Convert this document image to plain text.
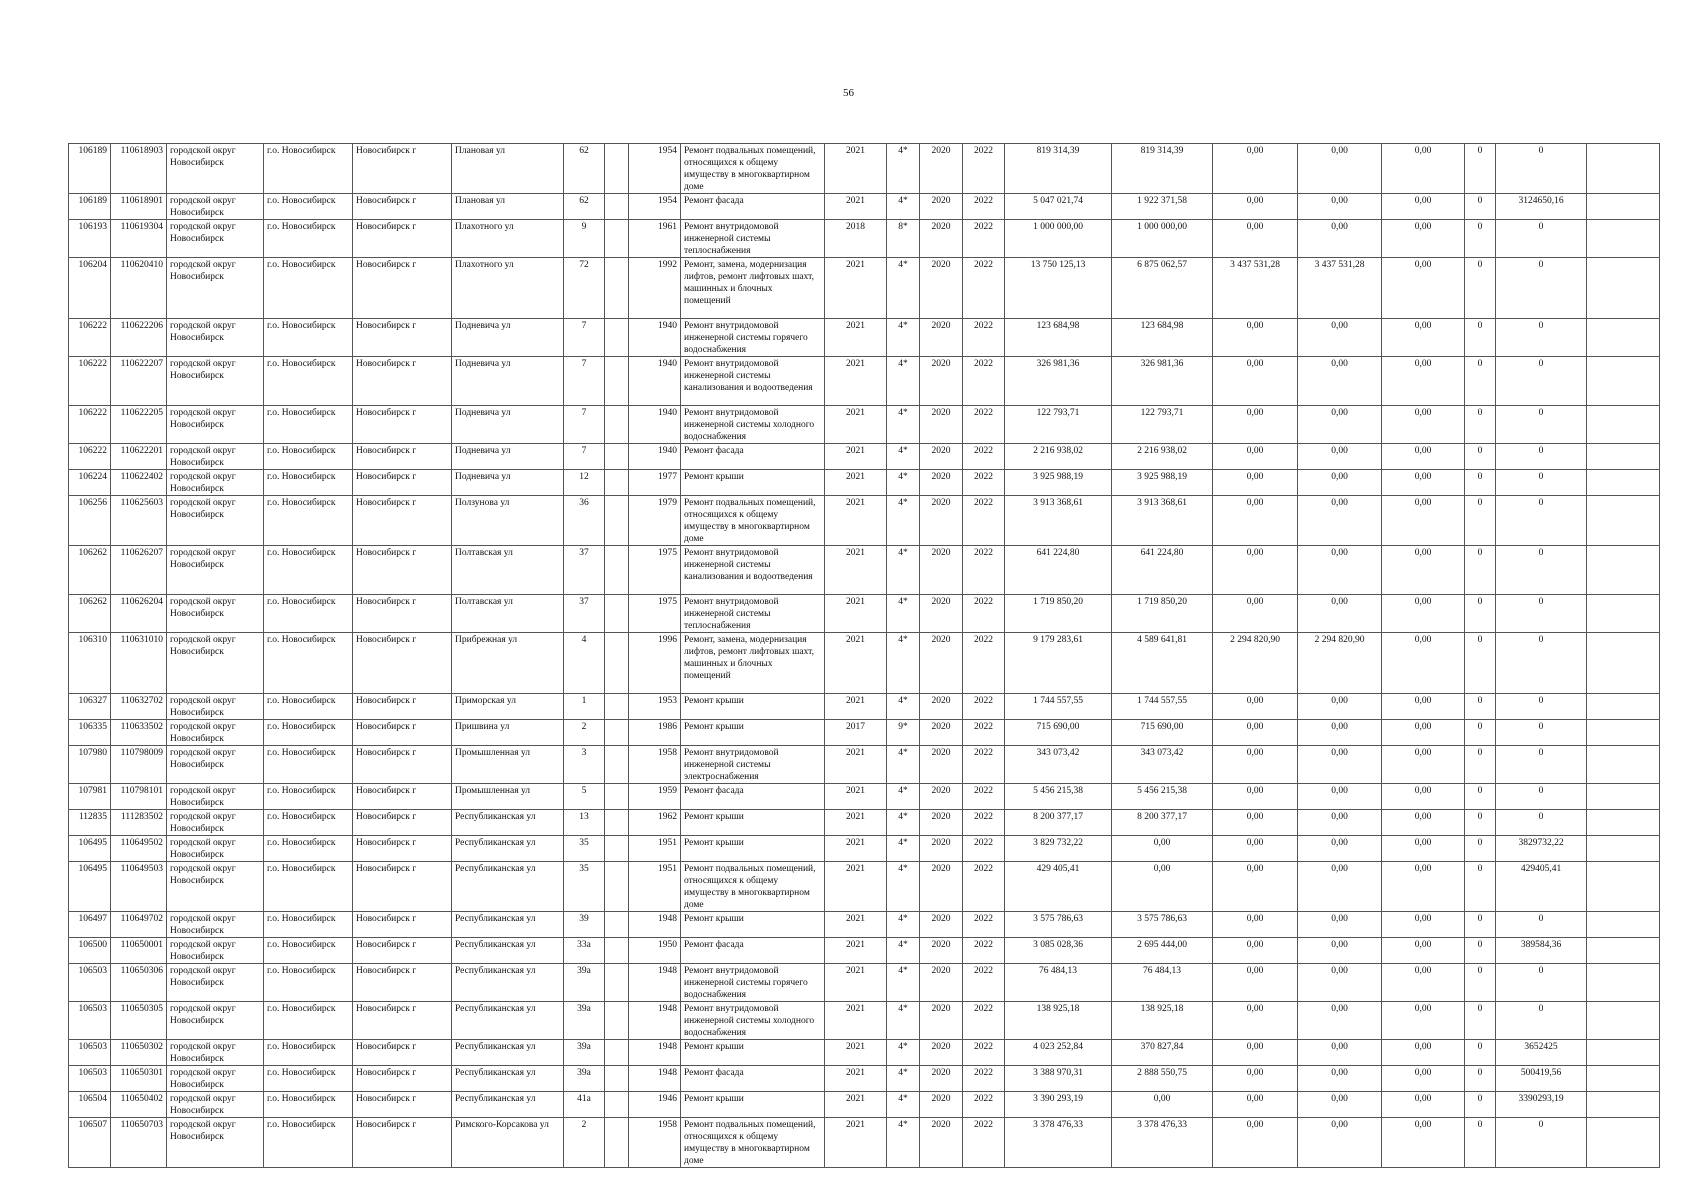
56
106189	110618903	городской округ Новосибирск	г.о. Новосибирск	Новосибирск г	Плановая ул	62		1954	Ремонт подвальных помещений, относящихся к общему имуществу в многоквартирном доме	2021	4*	2020	2022	819 314,39	819 314,39	0,00	0,00	0,00	0	0	
106189	110618901	городской округ Новосибирск	г.о. Новосибирск	Новосибирск г	Плановая ул	62		1954	Ремонт фасада	2021	4*	2020	2022	5 047 021,74	1 922 371,58	0,00	0,00	0,00	0	3124650,16	
106193	110619304	городской округ Новосибирск	г.о. Новосибирск	Новосибирск г	Плахотного ул	9		1961	Ремонт внутридомовой инженерной системы теплоснабжения	2018	8*	2020	2022	1 000 000,00	1 000 000,00	0,00	0,00	0,00	0	0	
106204	110620410	городской округ Новосибирск	г.о. Новосибирск	Новосибирск г	Плахотного ул	72		1992	Ремонт, замена, модернизация лифтов, ремонт лифтовых шахт, машинных и блочных помещений	2021	4*	2020	2022	13 750 125,13	6 875 062,57	3 437 531,28	3 437 531,28	0,00	0	0	
106222	110622206	городской округ Новосибирск	г.о. Новосибирск	Новосибирск г	Подневича ул	7		1940	Ремонт внутридомовой инженерной системы горячего водоснабжения	2021	4*	2020	2022	123 684,98	123 684,98	0,00	0,00	0,00	0	0	
106222	110622207	городской округ Новосибирск	г.о. Новосибирск	Новосибирск г	Подневича ул	7		1940	Ремонт внутридомовой инженерной системы канализования и водоотведения	2021	4*	2020	2022	326 981,36	326 981,36	0,00	0,00	0,00	0	0	
106222	110622205	городской округ Новосибирск	г.о. Новосибирск	Новосибирск г	Подневича ул	7		1940	Ремонт внутридомовой инженерной системы холодного водоснабжения	2021	4*	2020	2022	122 793,71	122 793,71	0,00	0,00	0,00	0	0	
106222	110622201	городской округ Новосибирск	г.о. Новосибирск	Новосибирск г	Подневича ул	7		1940	Ремонт фасада	2021	4*	2020	2022	2 216 938,02	2 216 938,02	0,00	0,00	0,00	0	0	
106224	110622402	городской округ Новосибирск	г.о. Новосибирск	Новосибирск г	Подневича ул	12		1977	Ремонт крыши	2021	4*	2020	2022	3 925 988,19	3 925 988,19	0,00	0,00	0,00	0	0	
106256	110625603	городской округ Новосибирск	г.о. Новосибирск	Новосибирск г	Ползунова ул	36		1979	Ремонт подвальных помещений, относящихся к общему имуществу в многоквартирном доме	2021	4*	2020	2022	3 913 368,61	3 913 368,61	0,00	0,00	0,00	0	0	
106262	110626207	городской округ Новосибирск	г.о. Новосибирск	Новосибирск г	Полтавская ул	37		1975	Ремонт внутридомовой инженерной системы канализования и водоотведения	2021	4*	2020	2022	641 224,80	641 224,80	0,00	0,00	0,00	0	0	
106262	110626204	городской округ Новосибирск	г.о. Новосибирск	Новосибирск г	Полтавская ул	37		1975	Ремонт внутридомовой инженерной системы теплоснабжения	2021	4*	2020	2022	1 719 850,20	1 719 850,20	0,00	0,00	0,00	0	0	
106310	110631010	городской округ Новосибирск	г.о. Новосибирск	Новосибирск г	Прибрежная ул	4		1996	Ремонт, замена, модернизация лифтов, ремонт лифтовых шахт, машинных и блочных помещений	2021	4*	2020	2022	9 179 283,61	4 589 641,81	2 294 820,90	2 294 820,90	0,00	0	0	
106327	110632702	городской округ Новосибирск	г.о. Новосибирск	Новосибирск г	Приморская ул	1		1953	Ремонт крыши	2021	4*	2020	2022	1 744 557,55	1 744 557,55	0,00	0,00	0,00	0	0	
106335	110633502	городской округ Новосибирск	г.о. Новосибирск	Новосибирск г	Пришвина ул	2		1986	Ремонт крыши	2017	9*	2020	2022	715 690,00	715 690,00	0,00	0,00	0,00	0	0	
107980	110798009	городской округ Новосибирск	г.о. Новосибирск	Новосибирск г	Промышленная ул	3		1958	Ремонт внутридомовой инженерной системы электроснабжения	2021	4*	2020	2022	343 073,42	343 073,42	0,00	0,00	0,00	0	0	
107981	110798101	городской округ Новосибирск	г.о. Новосибирск	Новосибирск г	Промышленная ул	5		1959	Ремонт фасада	2021	4*	2020	2022	5 456 215,38	5 456 215,38	0,00	0,00	0,00	0	0	
112835	111283502	городской округ Новосибирск	г.о. Новосибирск	Новосибирск г	Республиканская ул	13		1962	Ремонт крыши	2021	4*	2020	2022	8 200 377,17	8 200 377,17	0,00	0,00	0,00	0	0	
106495	110649502	городской округ Новосибирск	г.о. Новосибирск	Новосибирск г	Республиканская ул	35		1951	Ремонт крыши	2021	4*	2020	2022	3 829 732,22	0,00	0,00	0,00	0,00	0	3829732,22	
106495	110649503	городской округ Новосибирск	г.о. Новосибирск	Новосибирск г	Республиканская ул	35		1951	Ремонт подвальных помещений, относящихся к общему имуществу в многоквартирном доме	2021	4*	2020	2022	429 405,41	0,00	0,00	0,00	0,00	0	429405,41	
106497	110649702	городской округ Новосибирск	г.о. Новосибирск	Новосибирск г	Республиканская ул	39		1948	Ремонт крыши	2021	4*	2020	2022	3 575 786,63	3 575 786,63	0,00	0,00	0,00	0	0	
106500	110650001	городской округ Новосибирск	г.о. Новосибирск	Новосибирск г	Республиканская ул	33а		1950	Ремонт фасада	2021	4*	2020	2022	3 085 028,36	2 695 444,00	0,00	0,00	0,00	0	389584,36	
106503	110650306	городской округ Новосибирск	г.о. Новосибирск	Новосибирск г	Республиканская ул	39а		1948	Ремонт внутридомовой инженерной системы горячего водоснабжения	2021	4*	2020	2022	76 484,13	76 484,13	0,00	0,00	0,00	0	0	
106503	110650305	городской округ Новосибирск	г.о. Новосибирск	Новосибирск г	Республиканская ул	39а		1948	Ремонт внутридомовой инженерной системы холодного водоснабжения	2021	4*	2020	2022	138 925,18	138 925,18	0,00	0,00	0,00	0	0	
106503	110650302	городской округ Новосибирск	г.о. Новосибирск	Новосибирск г	Республиканская ул	39а		1948	Ремонт крыши	2021	4*	2020	2022	4 023 252,84	370 827,84	0,00	0,00	0,00	0	3652425	
106503	110650301	городской округ Новосибирск	г.о. Новосибирск	Новосибирск г	Республиканская ул	39а		1948	Ремонт фасада	2021	4*	2020	2022	3 388 970,31	2 888 550,75	0,00	0,00	0,00	0	500419,56	
106504	110650402	городской округ Новосибирск	г.о. Новосибирск	Новосибирск г	Республиканская ул	41а		1946	Ремонт крыши	2021	4*	2020	2022	3 390 293,19	0,00	0,00	0,00	0,00	0	3390293,19	
106507	110650703	городской округ Новосибирск	г.о. Новосибирск	Новосибирск г	Римского-Корсакова ул	2		1958	Ремонт подвальных помещений, относящихся к общему имуществу в многоквартирном доме	2021	4*	2020	2022	3 378 476,33	3 378 476,33	0,00	0,00	0,00	0	0	
